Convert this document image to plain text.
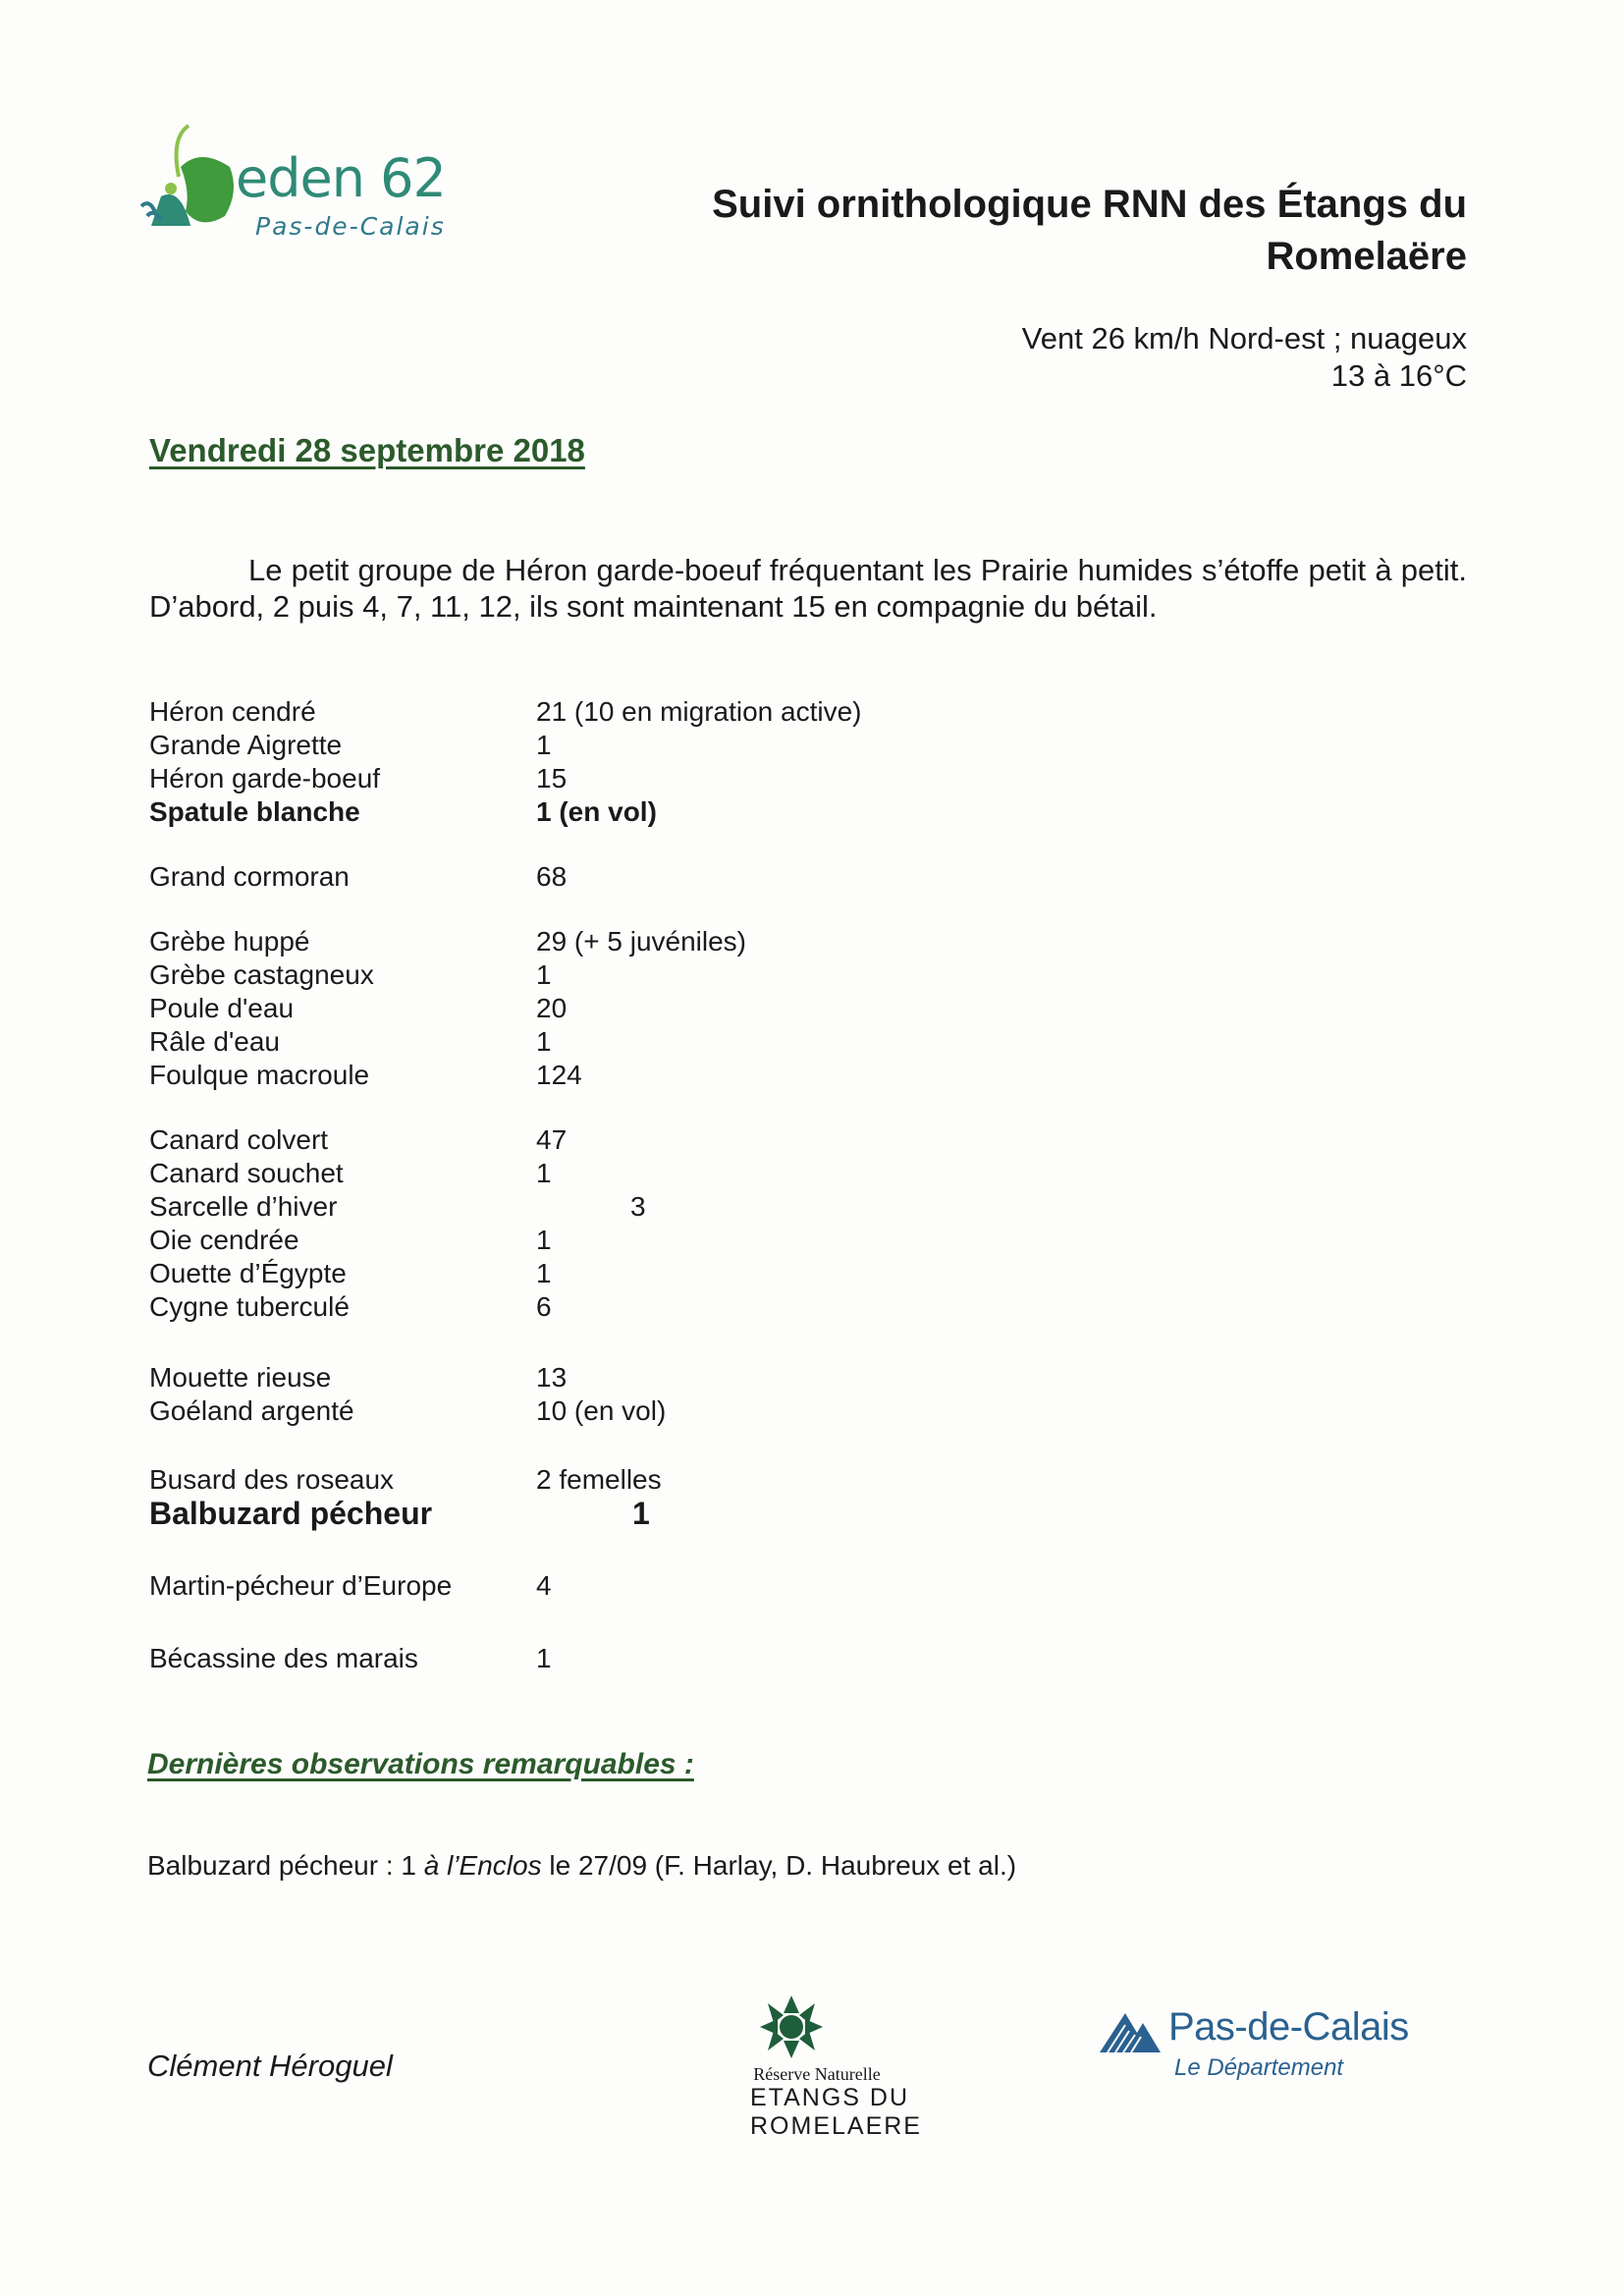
eden 62
Pas-de-Calais
Suivi ornithologique RNN des Étangs du
Romelaëre
Vent 26 km/h Nord-est ; nuageux
13 à 16°C
Vendredi 28 septembre 2018
Le petit groupe de Héron garde-boeuf fréquentant les Prairie humides s’étoffe petit à petit. D’abord, 2 puis 4, 7, 11, 12, ils sont maintenant 15 en compagnie du bétail.
Héron cendré	21 (10 en migration active)
Grande Aigrette	1
Héron garde-boeuf	15
Spatule blanche	1 (en vol)
Grand cormoran	68
Grèbe huppé	29 (+ 5 juvéniles)
Grèbe castagneux	1
Poule d'eau	20
Râle d'eau	1
Foulque macroule	124
Canard colvert	47
Canard souchet	1
Sarcelle d’hiver	3
Oie cendrée	1
Ouette d’Égypte	1
Cygne tuberculé	6
Mouette rieuse	13
Goéland argenté	10 (en vol)
Busard des roseaux	2 femelles
Balbuzard pécheur	1
Martin-pécheur d’Europe	4
Bécassine des marais	1
Dernières observations remarquables :
Balbuzard pécheur : 1 à l’Enclos le 27/09 (F. Harlay, D. Haubreux et al.)
Clément Héroguel	Réserve Naturelle
ETANGS DU ROMELAERE
Pas-de-Calais
Le Département
